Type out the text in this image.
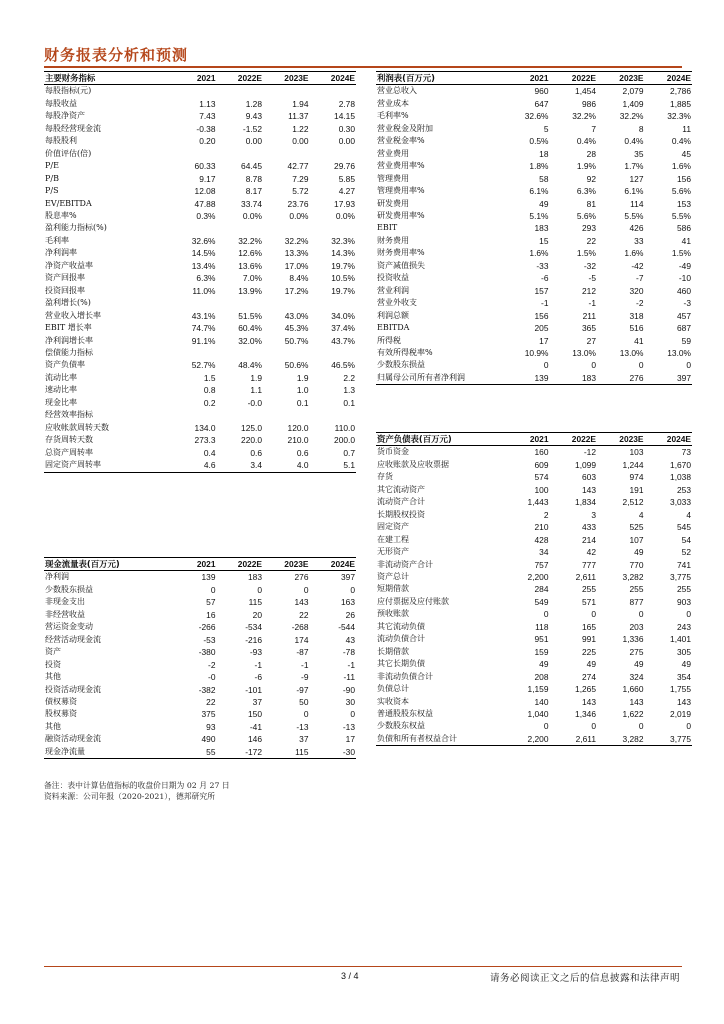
财务报表分析和预测
主要财务指标	2021	2022E	2023E	2024E
每股指标(元)				
每股收益	1.13	1.28	1.94	2.78
每股净资产	7.43	9.43	11.37	14.15
每股经营现金流	-0.38	-1.52	1.22	0.30
每股股利	0.20	0.00	0.00	0.00
价值评估(倍)				
P/E	60.33	64.45	42.77	29.76
P/B	9.17	8.78	7.29	5.85
P/S	12.08	8.17	5.72	4.27
EV/EBITDA	47.88	33.74	23.76	17.93
股息率%	0.3%	0.0%	0.0%	0.0%
盈利能力指标(%)				
毛利率	32.6%	32.2%	32.2%	32.3%
净利润率	14.5%	12.6%	13.3%	14.3%
净资产收益率	13.4%	13.6%	17.0%	19.7%
资产回报率	6.3%	7.0%	8.4%	10.5%
投资回报率	11.0%	13.9%	17.2%	19.7%
盈利增长(%)				
营业收入增长率	43.1%	51.5%	43.0%	34.0%
EBIT 增长率	74.7%	60.4%	45.3%	37.4%
净利润增长率	91.1%	32.0%	50.7%	43.7%
偿债能力指标				
资产负债率	52.7%	48.4%	50.6%	46.5%
流动比率	1.5	1.9	1.9	2.2
速动比率	0.8	1.1	1.0	1.3
现金比率	0.2	-0.0	0.1	0.1
经营效率指标				
应收帐款周转天数	134.0	125.0	120.0	110.0
存货周转天数	273.3	220.0	210.0	200.0
总资产周转率	0.4	0.6	0.6	0.7
固定资产周转率	4.6	3.4	4.0	5.1
利润表(百万元)	2021	2022E	2023E	2024E
营业总收入	960	1,454	2,079	2,786
营业成本	647	986	1,409	1,885
毛利率%	32.6%	32.2%	32.2%	32.3%
营业税金及附加	5	7	8	11
营业税金率%	0.5%	0.4%	0.4%	0.4%
营业费用	18	28	35	45
营业费用率%	1.8%	1.9%	1.7%	1.6%
管理费用	58	92	127	156
管理费用率%	6.1%	6.3%	6.1%	5.6%
研发费用	49	81	114	153
研发费用率%	5.1%	5.6%	5.5%	5.5%
EBIT	183	293	426	586
财务费用	15	22	33	41
财务费用率%	1.6%	1.5%	1.6%	1.5%
资产减值损失	-33	-32	-42	-49
投资收益	-6	-5	-7	-10
营业利润	157	212	320	460
营业外收支	-1	-1	-2	-3
利润总额	156	211	318	457
EBITDA	205	365	516	687
所得税	17	27	41	59
有效所得税率%	10.9%	13.0%	13.0%	13.0%
少数股东损益	0	0	0	0
归属母公司所有者净利润	139	183	276	397
资产负债表(百万元)	2021	2022E	2023E	2024E
货币资金	160	-12	103	73
应收账款及应收票据	609	1,099	1,244	1,670
存货	574	603	974	1,038
其它流动资产	100	143	191	253
流动资产合计	1,443	1,834	2,512	3,033
长期股权投资	2	3	4	4
固定资产	210	433	525	545
在建工程	428	214	107	54
无形资产	34	42	49	52
非流动资产合计	757	777	770	741
资产总计	2,200	2,611	3,282	3,775
短期借款	284	255	255	255
应付票据及应付账款	549	571	877	903
预收账款	0	0	0	0
其它流动负债	118	165	203	243
流动负债合计	951	991	1,336	1,401
长期借款	159	225	275	305
其它长期负债	49	49	49	49
非流动负债合计	208	274	324	354
负债总计	1,159	1,265	1,660	1,755
实收资本	140	143	143	143
普通股股东权益	1,040	1,346	1,622	2,019
少数股东权益	0	0	0	0
负债和所有者权益合计	2,200	2,611	3,282	3,775
现金流量表(百万元)	2021	2022E	2023E	2024E
净利润	139	183	276	397
少数股东损益	0	0	0	0
非现金支出	57	115	143	163
非经营收益	16	20	22	26
营运资金变动	-266	-534	-268	-544
经营活动现金流	-53	-216	174	43
资产	-380	-93	-87	-78
投资	-2	-1	-1	-1
其他	-0	-6	-9	-11
投资活动现金流	-382	-101	-97	-90
债权募资	22	37	50	30
股权募资	375	150	0	0
其他	93	-41	-13	-13
融资活动现金流	490	146	37	17
现金净流量	55	-172	115	-30
备注：表中计算估值指标的收盘价日期为 02 月 27 日
资料来源：公司年报（2020-2021），德邦研究所
3 / 4	请务必阅读正文之后的信息披露和法律声明
